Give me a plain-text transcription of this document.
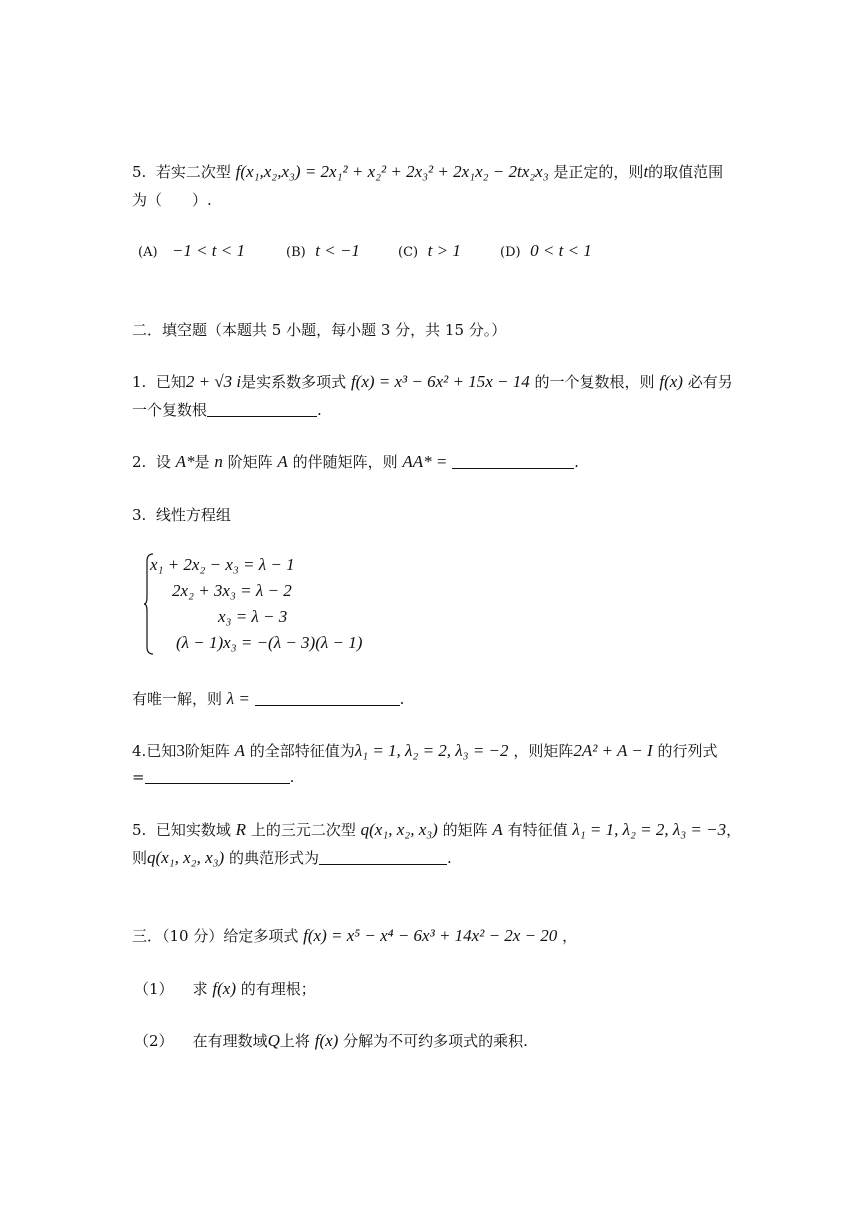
5. 若实二次型 f(x₁,x₂,x₃) = 2x₁² + x₂² + 2x₃² + 2x₁x₂ − 2tx₂x₃ 是正定的，则t的取值范围
为（　　）.
(A) −1 < t < 1	(B) t < −1	(C) t > 1	(D) 0 < t < 1
二．填空题（本题共 5 小题，每小题 3 分，共 15 分。）
1. 已知2 + √3 i是实系数多项式 f(x) = x³ − 6x² + 15x − 14 的一个复数根，则 f(x) 必有另
一个复数根	.
2. 设 A*是 n 阶矩阵 A 的伴随矩阵，则 AA* =	.
3. 线性方程组
x₁ + 2x₂ − x₃ = λ − 1
2x₂ + 3x₃ = λ − 2
x₃ = λ − 3
(λ − 1)x₃ = −(λ − 3)(λ − 1)
有唯一解，则 λ =	.
4.已知3阶矩阵 A 的全部特征值为λ₁ = 1, λ₂ = 2, λ₃ = −2 ，则矩阵2A² + A − I 的行列式
=	.
5. 已知实数域 R 上的三元二次型 q(x₁, x₂, x₃) 的矩阵 A 有特征值 λ₁ = 1, λ₂ = 2, λ₃ = −3，
则q(x₁, x₂, x₃) 的典范形式为	.
三．（10 分）给定多项式 f(x) = x⁵ − x⁴ − 6x³ + 14x² − 2x − 20 ，
（1） 求 f(x) 的有理根；
（2） 在有理数域Q上将 f(x) 分解为不可约多项式的乘积.
